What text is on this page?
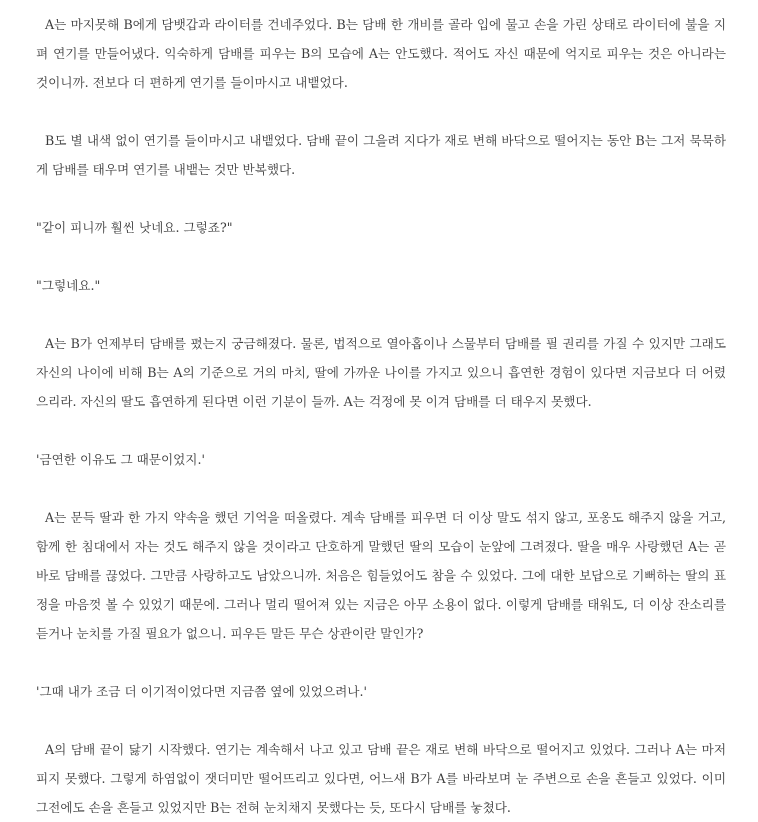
A는 마지못해 B에게 담뱃갑과 라이터를 건네주었다. B는 담배 한 개비를 골라 입에 물고 손을 가린 상태로 라이터에 불을 지펴 연기를 만들어냈다. 익숙하게 담배를 피우는 B의 모습에 A는 안도했다. 적어도 자신 때문에 억지로 피우는 것은 아니라는 것이니까. 전보다 더 편하게 연기를 들이마시고 내뱉었다.

B도 별 내색 없이 연기를 들이마시고 내뱉었다. 담배 끝이 그을려 지다가 재로 변해 바닥으로 떨어지는 동안 B는 그저 묵묵하게 담배를 태우며 연기를 내뱉는 것만 반복했다.

"같이 피니까 훨씬 낫네요. 그렇죠?"

"그렇네요."

A는 B가 언제부터 담배를 폈는지 궁금해졌다. 물론, 법적으로 열아홉이나 스물부터 담배를 필 권리를 가질 수 있지만 그래도 자신의 나이에 비해 B는 A의 기준으로 거의 마치, 딸에 가까운 나이를 가지고 있으니 흡연한 경험이 있다면 지금보다 더 어렸으리라. 자신의 딸도 흡연하게 된다면 이런 기분이 들까. A는 걱정에 못 이겨 담배를 더 태우지 못했다.

'금연한 이유도 그 때문이었지.'

A는 문득 딸과 한 가지 약속을 했던 기억을 떠올렸다. 계속 담배를 피우면 더 이상 말도 섞지 않고, 포옹도 해주지 않을 거고, 함께 한 침대에서 자는 것도 해주지 않을 것이라고 단호하게 말했던 딸의 모습이 눈앞에 그려졌다. 딸을 매우 사랑했던 A는 곧바로 담배를 끊었다. 그만큼 사랑하고도 남았으니까. 처음은 힘들었어도 참을 수 있었다. 그에 대한 보답으로 기뻐하는 딸의 표정을 마음껏 볼 수 있었기 때문에. 그러나 멀리 떨어져 있는 지금은 아무 소용이 없다. 이렇게 담배를 태워도, 더 이상 잔소리를 듣거나 눈치를 가질 필요가 없으니. 피우든 말든 무슨 상관이란 말인가?

'그때 내가 조금 더 이기적이었다면 지금쯤 옆에 있었으려나.'

A의 담배 끝이 닳기 시작했다. 연기는 계속해서 나고 있고 담배 끝은 재로 변해 바닥으로 떨어지고 있었다. 그러나 A는 마저 피지 못했다. 그렇게 하염없이 잿더미만 떨어뜨리고 있다면, 어느새 B가 A를 바라보며 눈 주변으로 손을 흔들고 있었다. 이미 그전에도 손을 흔들고 있었지만 B는 전혀 눈치채지 못했다는 듯, 또다시 담배를 눟쳤다.
